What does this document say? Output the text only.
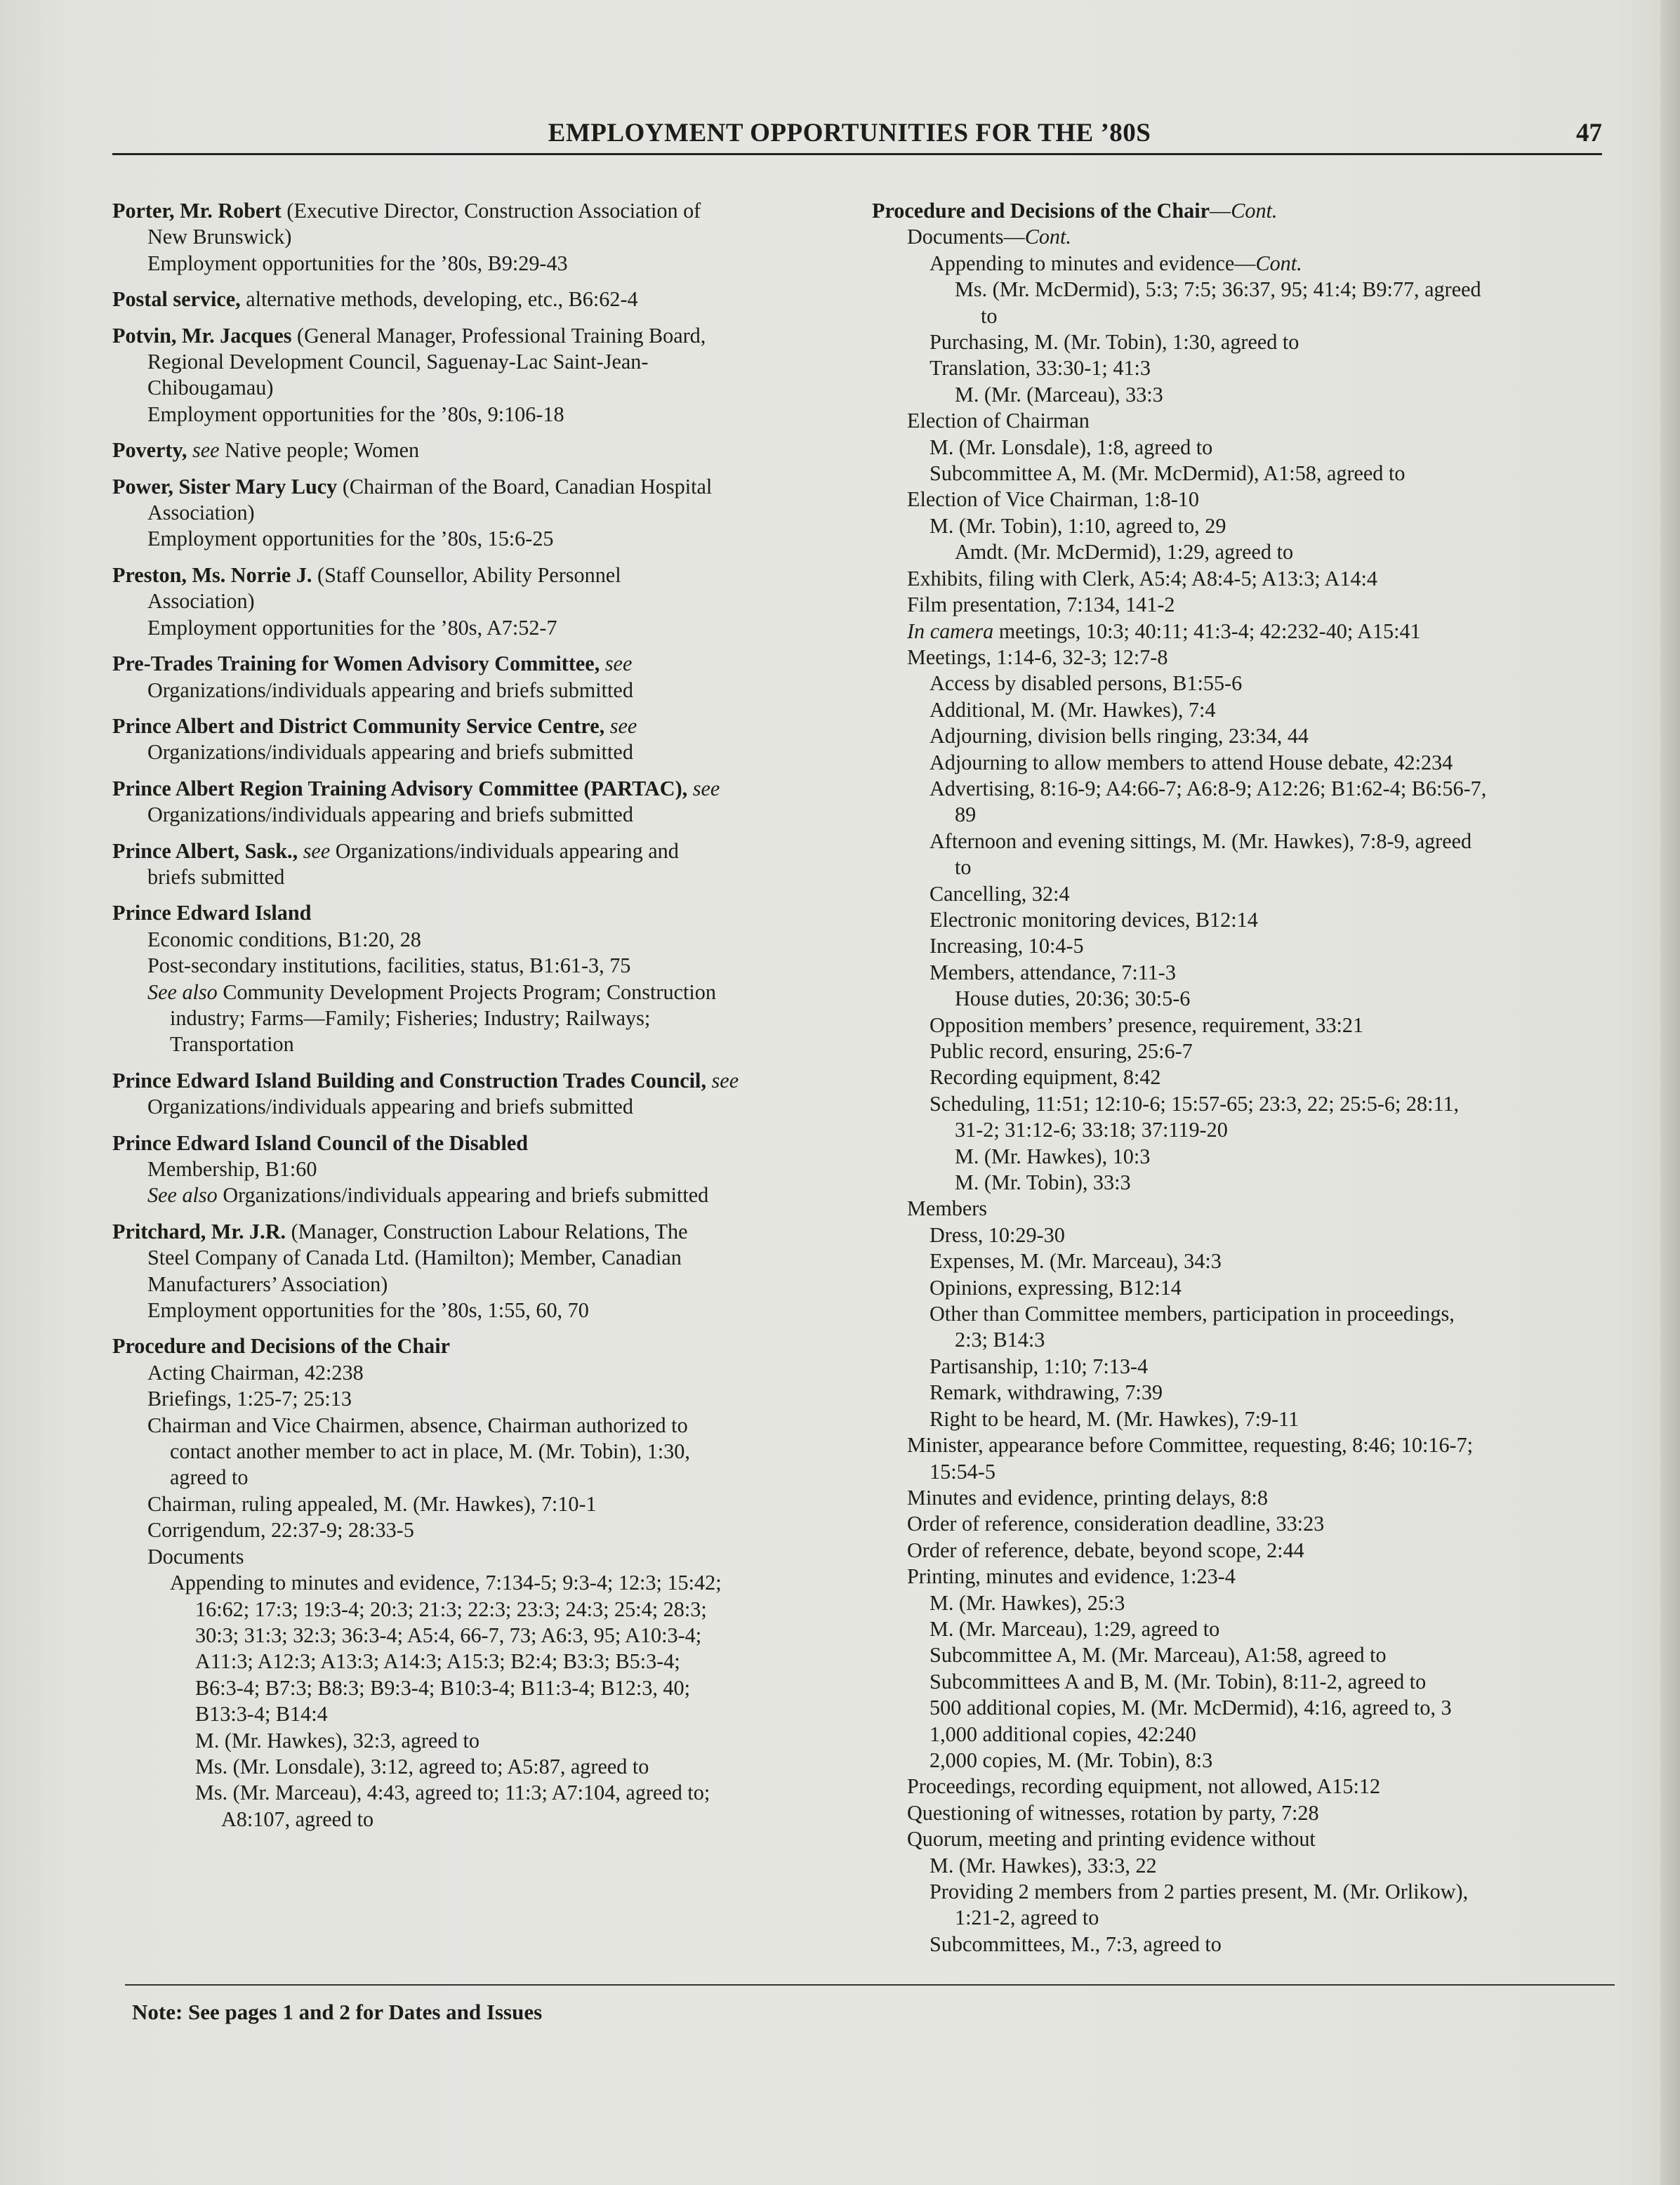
EMPLOYMENT OPPORTUNITIES FOR THE ’80S	47
Porter, Mr. Robert (Executive Director, Construction Association of
New Brunswick)
Employment opportunities for the ’80s, B9:29-43
Postal service, alternative methods, developing, etc., B6:62-4
Potvin, Mr. Jacques (General Manager, Professional Training Board,
Regional Development Council, Saguenay-Lac Saint-Jean-
Chibougamau)
Employment opportunities for the ’80s, 9:106-18
Poverty, see Native people; Women
Power, Sister Mary Lucy (Chairman of the Board, Canadian Hospital
Association)
Employment opportunities for the ’80s, 15:6-25
Preston, Ms. Norrie J. (Staff Counsellor, Ability Personnel
Association)
Employment opportunities for the ’80s, A7:52-7
Pre-Trades Training for Women Advisory Committee, see
Organizations/individuals appearing and briefs submitted
Prince Albert and District Community Service Centre, see
Organizations/individuals appearing and briefs submitted
Prince Albert Region Training Advisory Committee (PARTAC), see
Organizations/individuals appearing and briefs submitted
Prince Albert, Sask., see Organizations/individuals appearing and
briefs submitted
Prince Edward Island
Economic conditions, B1:20, 28
Post-secondary institutions, facilities, status, B1:61-3, 75
See also Community Development Projects Program; Construction
industry; Farms—Family; Fisheries; Industry; Railways;
Transportation
Prince Edward Island Building and Construction Trades Council, see
Organizations/individuals appearing and briefs submitted
Prince Edward Island Council of the Disabled
Membership, B1:60
See also Organizations/individuals appearing and briefs submitted
Pritchard, Mr. J.R. (Manager, Construction Labour Relations, The
Steel Company of Canada Ltd. (Hamilton); Member, Canadian
Manufacturers’ Association)
Employment opportunities for the ’80s, 1:55, 60, 70
Procedure and Decisions of the Chair
Acting Chairman, 42:238
Briefings, 1:25-7; 25:13
Chairman and Vice Chairmen, absence, Chairman authorized to
contact another member to act in place, M. (Mr. Tobin), 1:30,
agreed to
Chairman, ruling appealed, M. (Mr. Hawkes), 7:10-1
Corrigendum, 22:37-9; 28:33-5
Documents
Appending to minutes and evidence, 7:134-5; 9:3-4; 12:3; 15:42;
16:62; 17:3; 19:3-4; 20:3; 21:3; 22:3; 23:3; 24:3; 25:4; 28:3;
30:3; 31:3; 32:3; 36:3-4; A5:4, 66-7, 73; A6:3, 95; A10:3-4;
A11:3; A12:3; A13:3; A14:3; A15:3; B2:4; B3:3; B5:3-4;
B6:3-4; B7:3; B8:3; B9:3-4; B10:3-4; B11:3-4; B12:3, 40;
B13:3-4; B14:4
M. (Mr. Hawkes), 32:3, agreed to
Ms. (Mr. Lonsdale), 3:12, agreed to; A5:87, agreed to
Ms. (Mr. Marceau), 4:43, agreed to; 11:3; A7:104, agreed to;
A8:107, agreed to
Procedure and Decisions of the Chair—Cont.
Documents—Cont.
Appending to minutes and evidence—Cont.
Ms. (Mr. McDermid), 5:3; 7:5; 36:37, 95; 41:4; B9:77, agreed
to
Purchasing, M. (Mr. Tobin), 1:30, agreed to
Translation, 33:30-1; 41:3
M. (Mr. (Marceau), 33:3
Election of Chairman
M. (Mr. Lonsdale), 1:8, agreed to
Subcommittee A, M. (Mr. McDermid), A1:58, agreed to
Election of Vice Chairman, 1:8-10
M. (Mr. Tobin), 1:10, agreed to, 29
Amdt. (Mr. McDermid), 1:29, agreed to
Exhibits, filing with Clerk, A5:4; A8:4-5; A13:3; A14:4
Film presentation, 7:134, 141-2
In camera meetings, 10:3; 40:11; 41:3-4; 42:232-40; A15:41
Meetings, 1:14-6, 32-3; 12:7-8
Access by disabled persons, B1:55-6
Additional, M. (Mr. Hawkes), 7:4
Adjourning, division bells ringing, 23:34, 44
Adjourning to allow members to attend House debate, 42:234
Advertising, 8:16-9; A4:66-7; A6:8-9; A12:26; B1:62-4; B6:56-7,
89
Afternoon and evening sittings, M. (Mr. Hawkes), 7:8-9, agreed
to
Cancelling, 32:4
Electronic monitoring devices, B12:14
Increasing, 10:4-5
Members, attendance, 7:11-3
House duties, 20:36; 30:5-6
Opposition members’ presence, requirement, 33:21
Public record, ensuring, 25:6-7
Recording equipment, 8:42
Scheduling, 11:51; 12:10-6; 15:57-65; 23:3, 22; 25:5-6; 28:11,
31-2; 31:12-6; 33:18; 37:119-20
M. (Mr. Hawkes), 10:3
M. (Mr. Tobin), 33:3
Members
Dress, 10:29-30
Expenses, M. (Mr. Marceau), 34:3
Opinions, expressing, B12:14
Other than Committee members, participation in proceedings,
2:3; B14:3
Partisanship, 1:10; 7:13-4
Remark, withdrawing, 7:39
Right to be heard, M. (Mr. Hawkes), 7:9-11
Minister, appearance before Committee, requesting, 8:46; 10:16-7;
15:54-5
Minutes and evidence, printing delays, 8:8
Order of reference, consideration deadline, 33:23
Order of reference, debate, beyond scope, 2:44
Printing, minutes and evidence, 1:23-4
M. (Mr. Hawkes), 25:3
M. (Mr. Marceau), 1:29, agreed to
Subcommittee A, M. (Mr. Marceau), A1:58, agreed to
Subcommittees A and B, M. (Mr. Tobin), 8:11-2, agreed to
500 additional copies, M. (Mr. McDermid), 4:16, agreed to, 3
1,000 additional copies, 42:240
2,000 copies, M. (Mr. Tobin), 8:3
Proceedings, recording equipment, not allowed, A15:12
Questioning of witnesses, rotation by party, 7:28
Quorum, meeting and printing evidence without
M. (Mr. Hawkes), 33:3, 22
Providing 2 members from 2 parties present, M. (Mr. Orlikow),
1:21-2, agreed to
Subcommittees, M., 7:3, agreed to
Note: See pages 1 and 2 for Dates and Issues
